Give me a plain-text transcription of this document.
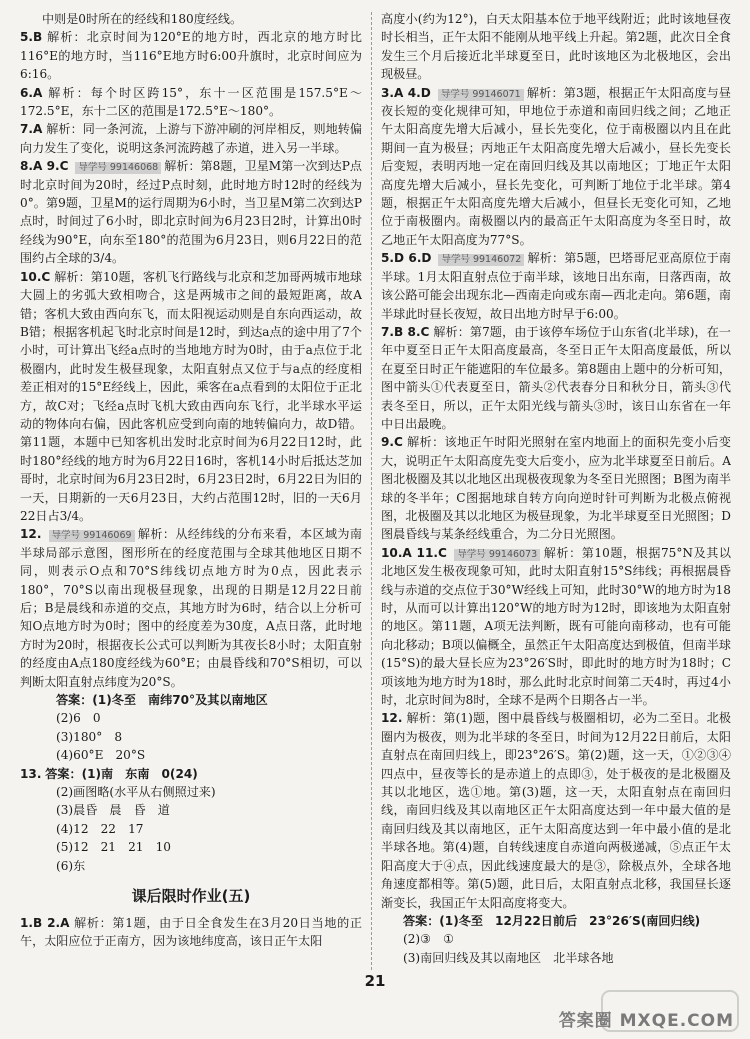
中则是0时所在的经线和180度经线。

5.B 解析：北京时间为120°E的地方时，西北京的地方时比116°E的地方时，当116°E地方时6:00升旗时，北京时间应为6:16。

6.A 解析：每个时区跨15°，东十一区范围是157.5°E～172.5°E，东十二区的范围是172.5°E～180°。

7.A 解析：同一条河流，上游与下游冲刷的河岸相反，则地转偏向力发生了变化，说明这条河流跨越了赤道，进入另一半球。

8.A 9.C 导学号 99146068 解析：第8题，卫星M第一次到达P点时北京时间为20时，经过P点时刻，此时地方时12时的经线为0°。第9题，卫星M的运行周期为6小时，当卫星M第二次到达P点时，时间过了6小时，即北京时间为6月23日2时，计算出0时经线为90°E，向东至180°的范围为6月23日，则6月22日的范围约占全球的3/4。

10.C 解析：第10题，客机飞行路线与北京和芝加哥两城市地球大圆上的劣弧大致相吻合，这是两城市之间的最短距离，故A错；客机大致由西向东飞，而太阳视运动则是自东向西运动，故B错；根据客机起飞时北京时间是12时，到达a点的途中用了7个小时，可计算出飞经a点时的当地地方时为0时，由于a点位于北极圈内，此时发生极昼现象，太阳直射点又位于与a点的经度相差正相对的15°E经线上，因此，乘客在a点看到的太阳位于正北方，故C对；飞经a点时飞机大致由西向东飞行，北半球水平运动的物体向右偏，因此客机应受到向南的地转偏向力，故D错。第11题，本题中已知客机出发时北京时间为6月22日12时，此时180°经线的地方时为6月22日16时，客机14小时后抵达芝加哥时，北京时间为6月23日2时，6月23日2时，6月22日为旧的一天，日期新的一天6月23日，大约占范围12时，旧的一天6月22日占3/4。

12. 导学号 99146069 解析：从经纬线的分布来看，本区域为南半球局部示意图，图形所在的经度范围与全球其他地区日期不同，则表示O点和70°S纬线切点地方时为0点，因此表示180°，70°S以南出现极昼现象，出现的日期是12月22日前后；B是晨线和赤道的交点，其地方时为6时，结合以上分析可知O点地方时为0时；图中的经度差为30度，A点日落，此时地方时为20时，根据夜长公式可以判断为其夜长8小时；太阳直射的经度由A点180度经线为60°E；由晨昏线和70°S相切，可以判断太阳直射点纬度为20°S。

答案：(1)冬至　南纬70°及其以南地区

(2)6　0

(3)180°　8

(4)60°E　20°S

13. 答案：(1)南　东南　0(24)

(2)画图略(水平从右侧照过来)

(3)晨昏　晨　昏　道

(4)12　22　17

(5)12　21　21　10

(6)东

课后限时作业(五)

1.B 2.A 解析：第1题，由于日全食发生在3月20日当地的正午，太阳应位于正南方，因为该地纬度高，该日正午太阳

高度小(约为12°)，白天太阳基本位于地平线附近；此时该地昼夜时长相当，正午太阳不能刚从地平线上升起。第2题，此次日全食发生三个月后接近北半球夏至日，此时该地区为北极地区，会出现极昼。

3.A 4.D 导学号 99146071 解析：第3题，根据正午太阳高度与昼夜长短的变化规律可知，甲地位于赤道和南回归线之间；乙地正午太阳高度先增大后减小，昼长先变化，位于南极圈以内且在此期间一直为极昼；丙地正午太阳高度先增大后减小，昼长先变长后变短，表明丙地一定在南回归线及其以南地区；丁地正午太阳高度先增大后减小，昼长先变化，可判断丁地位于北半球。第4题，根据正午太阳高度先增大后减小，但昼长无变化可知，乙地位于南极圈内。南极圈以内的最高正午太阳高度为冬至日时，故乙地正午太阳高度为77°S。

5.D 6.D 导学号 99146072 解析：第5题，巴塔哥尼亚高原位于南半球。1月太阳直射点位于南半球，该地日出东南，日落西南，故该公路可能会出现东北—西南走向或东南—西北走向。第6题，南半球此时昼长夜短，故日出地方时早于6:00。

7.B 8.C 解析：第7题，由于该停车场位于山东省(北半球)，在一年中夏至日正午太阳高度最高，冬至日正午太阳高度最低，所以在夏至日时正午能遮阳的车位最多。第8题由上题中的分析可知，图中箭头①代表夏至日，箭头②代表春分日和秋分日，箭头③代表冬至日，所以，正午太阳光线与箭头③时，该日山东省在一年中日出最晚。

9.C 解析：该地正午时阳光照射在室内地面上的面积先变小后变大，说明正午太阳高度先变大后变小，应为北半球夏至日前后。A图北极圈及其以北地区出现极夜现象为冬至日光照图；B图为南半球的冬半年；C图据地球自转方向向逆时针可判断为北极点俯视图，北极圈及其以北地区为极昼现象，为北半球夏至日光照图；D图晨昏线与某条经线重合，为二分日光照图。

10.A 11.C 导学号 99146073 解析：第10题，根据75°N及其以北地区发生极夜现象可知，此时太阳直射15°S纬线；再根据晨昏线与赤道的交点位于30°W经线上可知，此时30°W的地方时为18时，从而可以计算出120°W的地方时为12时，即该地为太阳直射的地区。第11题，A项无法判断，既有可能向南移动，也有可能向北移动；B项以偏概全，虽然正午太阳高度达到极值，但南半球(15°S)的最大昼长应为23°26′S时，即此时的地方时为18时；C项该地为地方时为18时，那么此时北京时间第二天4时，再过4小时，北京时间为8时，全球不是两个日期各占一半。

12. 解析：第(1)题，图中晨昏线与极圈相切，必为二至日。北极圈内为极夜，则为北半球的冬至日，时间为12月22日前后，太阳直射点在南回归线上，即23°26′S。第(2)题，这一天，①②③④四点中，昼夜等长的是赤道上的点即③，处于极夜的是北极圈及其以北地区，选①地。第(3)题，这一天，太阳直射点在南回归线，南回归线及其以南地区正午太阳高度达到一年中最大值的是南回归线及其以南地区，正午太阳高度达到一年中最小值的是北半球各地。第(4)题，自转线速度自赤道向两极递减，⑤点正午太阳高度大于④点，因此线速度最大的是③，除极点外，全球各地角速度都相等。第(5)题，此日后，太阳直射点北移，我国昼长逐渐变长，我国正午太阳高度将变大。

答案：(1)冬至　12月22日前后　23°26′S(南回归线)

(2)③　①

(3)南回归线及其以南地区　北半球各地

21
答案圈 MXQE.COM
